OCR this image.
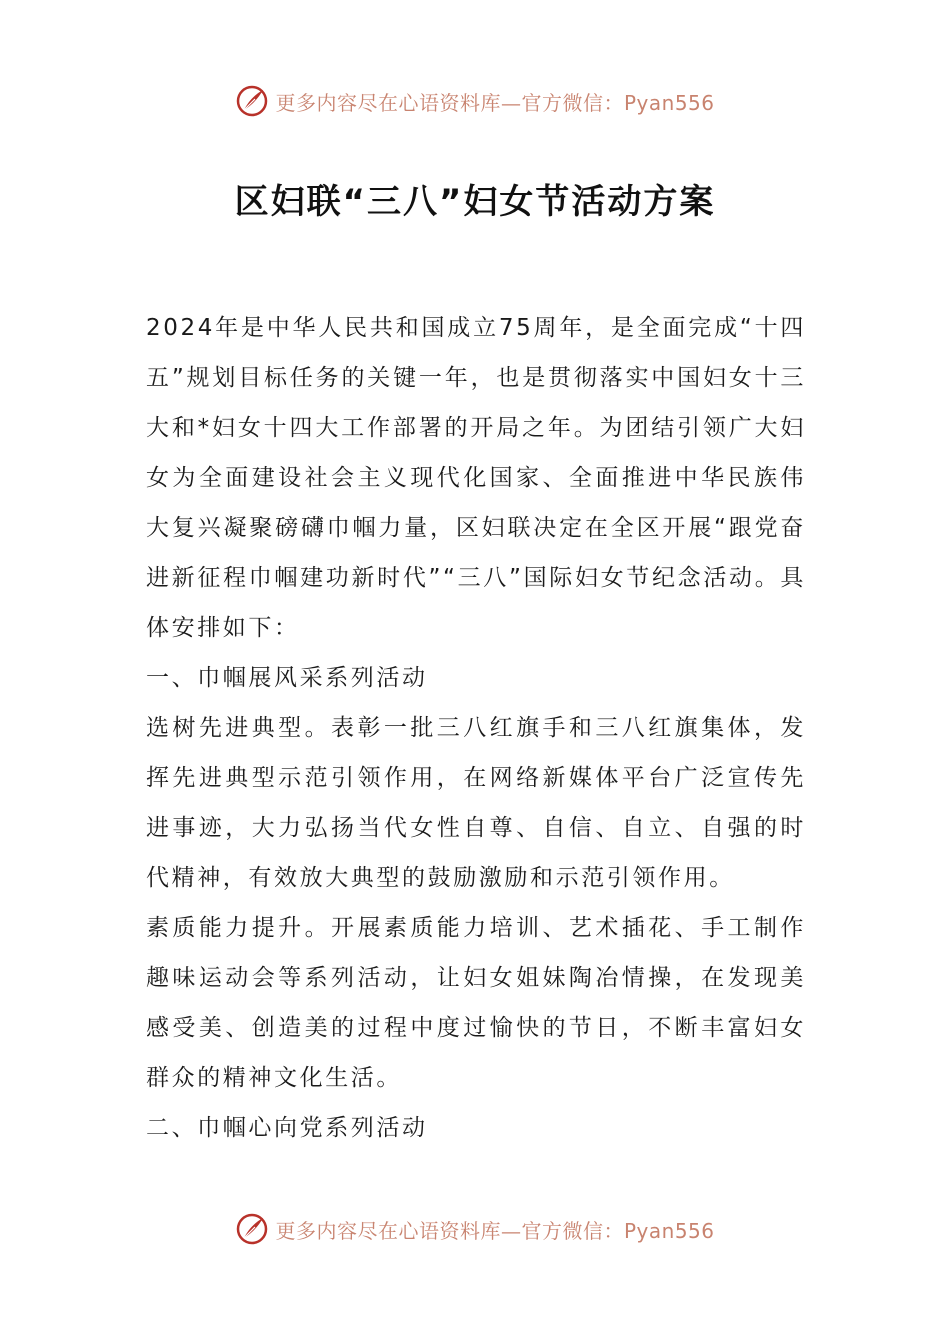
更多内容尽在心语资料库—官方微信：Pyan556
区妇联“三八”妇女节活动方案

2024年是中华人民共和国成立75周年，是全面完成“十四五”规划目标任务的关键一年，也是贯彻落实中国妇女十三大和*妇女十四大工作部署的开局之年。为团结引领广大妇女为全面建设社会主义现代化国家、全面推进中华民族伟大复兴凝聚磅礴巾帼力量，区妇联决定在全区开展“跟党奋进新征程巾帼建功新时代”“三八”国际妇女节纪念活动。具体安排如下：

一、巾帼展风采系列活动

选树先进典型。表彰一批三八红旗手和三八红旗集体，发挥先进典型示范引领作用，在网络新媒体平台广泛宣传先进事迹，大力弘扬当代女性自尊、自信、自立、自强的时代精神，有效放大典型的鼓励激励和示范引领作用。

素质能力提升。开展素质能力培训、艺术插花、手工制作趣味运动会等系列活动，让妇女姐妹陶冶情操，在发现美感受美、创造美的过程中度过愉快的节日，不断丰富妇女群众的精神文化生活。

二、巾帼心向党系列活动

更多内容尽在心语资料库—官方微信：Pyan556
